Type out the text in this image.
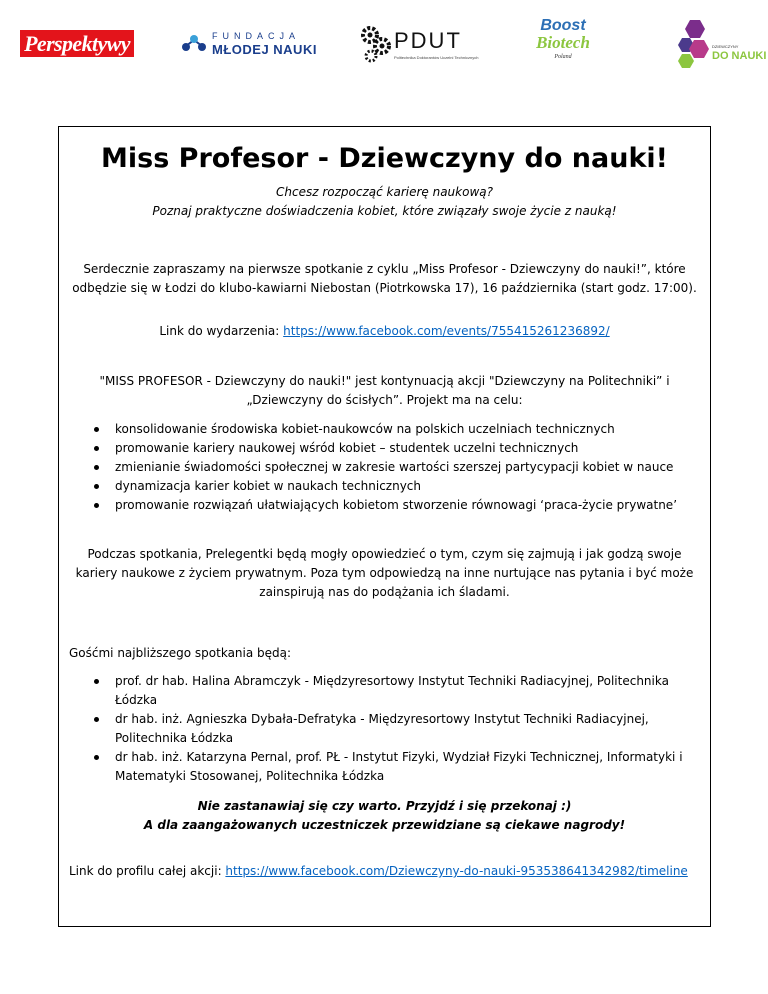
Perspektywy	FUNDACJA
MŁODEJ NAUKI	PDUT
Politechnika Doktorantów Uczelni Technicznych
Boost
Biotech
Poland
DZIEWCZYNY
DO NAUKI
Miss Profesor - Dziewczyny do nauki!

Chcesz rozpocząć karierę naukową?

Poznaj praktyczne doświadczenia kobiet, które związały swoje życie z nauką!

Serdecznie zapraszamy na pierwsze spotkanie z cyklu „Miss Profesor - Dziewczyny do nauki!”, które odbędzie się w Łodzi do klubo-kawiarni Niebostan (Piotrkowska 17), 16 października (start godz. 17:00).

Link do wydarzenia: https://www.facebook.com/events/755415261236892/

"MISS PROFESOR - Dziewczyny do nauki!" jest kontynuacją akcji "Dziewczyny na Politechniki” i „Dziewczyny do ścisłych”. Projekt ma na celu:

konsolidowanie środowiska kobiet-naukowców na polskich uczelniach technicznych
promowanie kariery naukowej wśród kobiet – studentek uczelni technicznych
zmienianie świadomości społecznej w zakresie wartości szerszej partycypacji kobiet w nauce
dynamizacja karier kobiet w naukach technicznych
promowanie rozwiązań ułatwiających kobietom stworzenie równowagi ‘praca-życie prywatne’

Podczas spotkania, Prelegentki będą mogły opowiedzieć o tym, czym się zajmują i jak godzą swoje kariery naukowe z życiem prywatnym. Poza tym odpowiedzą na inne nurtujące nas pytania i być może zainspirują nas do podążania ich śladami.

Gośćmi najbliższego spotkania będą:

prof. dr hab. Halina Abramczyk - Międzyresortowy Instytut Techniki Radiacyjnej, Politechnika Łódzka
dr hab. inż. Agnieszka Dybała-Defratyka - Międzyresortowy Instytut Techniki Radiacyjnej, Politechnika Łódzka
dr hab. inż. Katarzyna Pernal, prof. PŁ - Instytut Fizyki, Wydział Fizyki Technicznej, Informatyki i Matematyki Stosowanej, Politechnika Łódzka

Nie zastanawiaj się czy warto. Przyjdź i się przekonaj :)

A dla zaangażowanych uczestniczek przewidziane są ciekawe nagrody!

Link do profilu całej akcji: https://www.facebook.com/Dziewczyny-do-nauki-953538641342982/timeline
